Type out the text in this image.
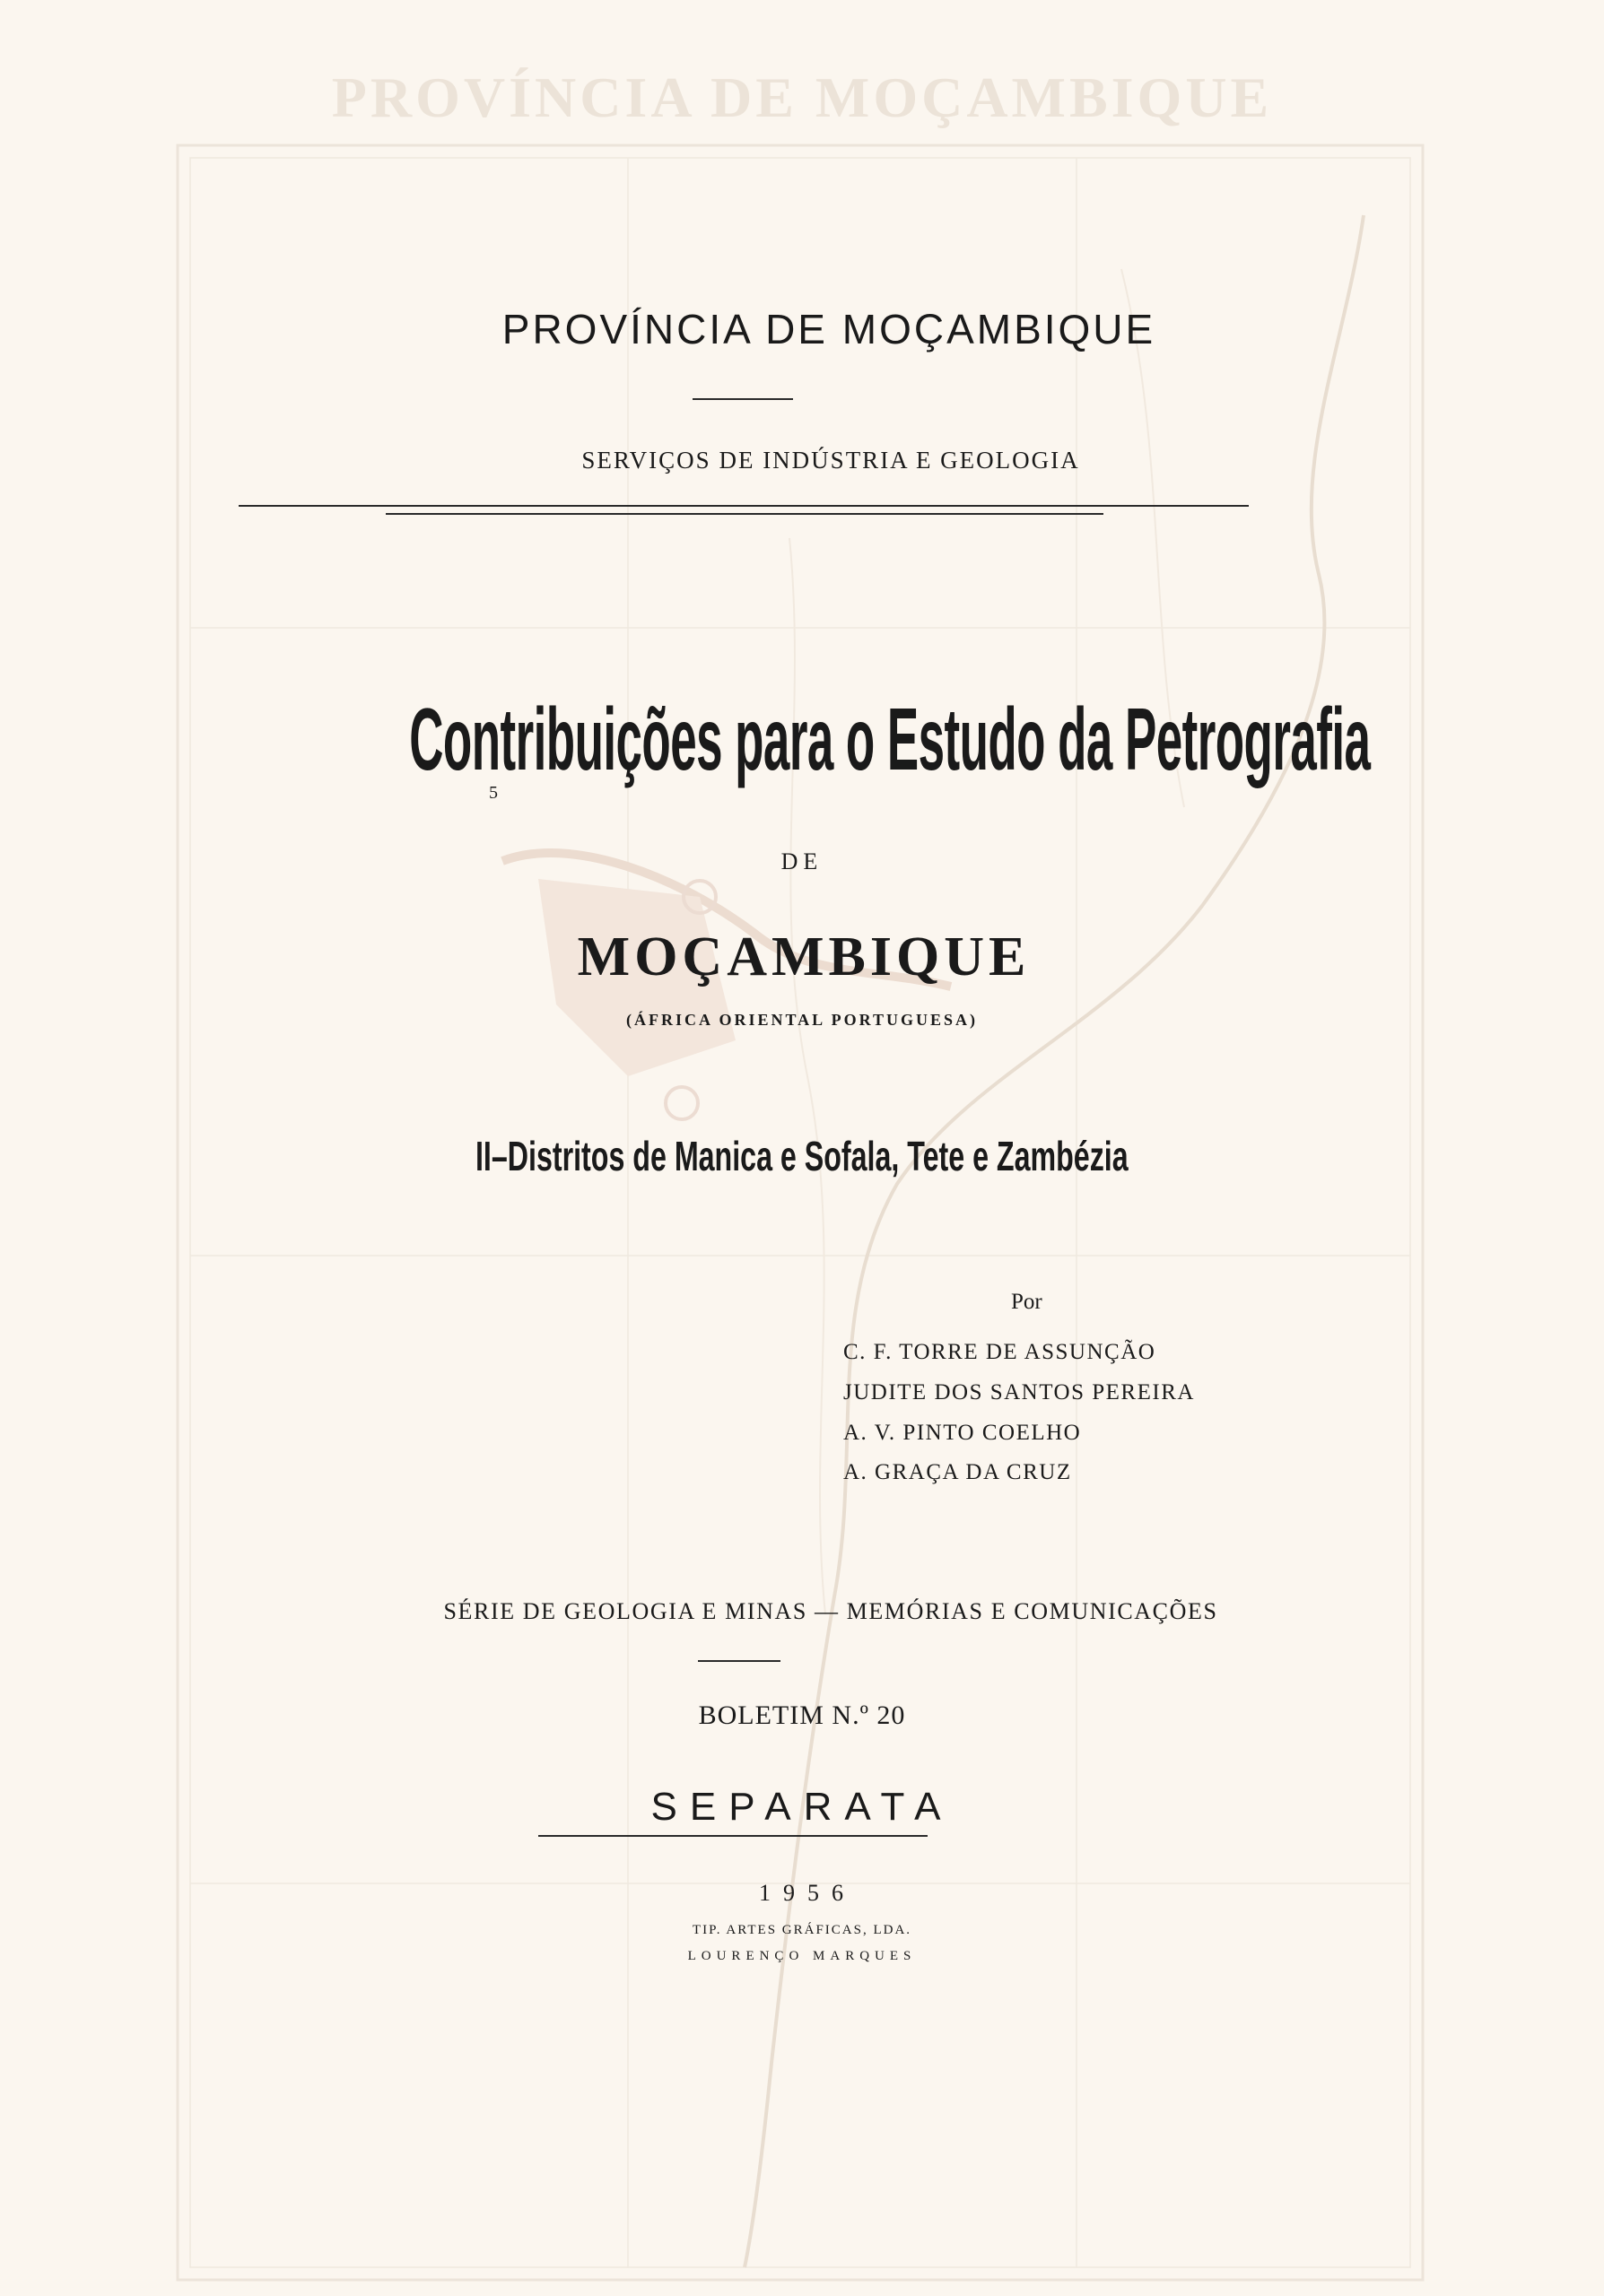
PROVÍNCIA DE MOÇAMBIQUE
PROVÍNCIA DE MOÇAMBIQUE
SERVIÇOS DE INDÚSTRIA E GEOLOGIA
Contribuições para o Estudo da Petrografia
5
DE
MOÇAMBIQUE
(ÁFRICA ORIENTAL PORTUGUESA)
II–Distritos de Manica e Sofala, Tete e Zambézia
Por
C. F. TORRE DE ASSUNÇÃO
JUDITE DOS SANTOS PEREIRA
A. V. PINTO COELHO
A. GRAÇA DA CRUZ
SÉRIE DE GEOLOGIA E MINAS — MEMÓRIAS E COMUNICAÇÕES
BOLETIM N.º 20
SEPARATA
1956
TIP. ARTES GRÁFICAS, LDA.
LOURENÇO MARQUES
